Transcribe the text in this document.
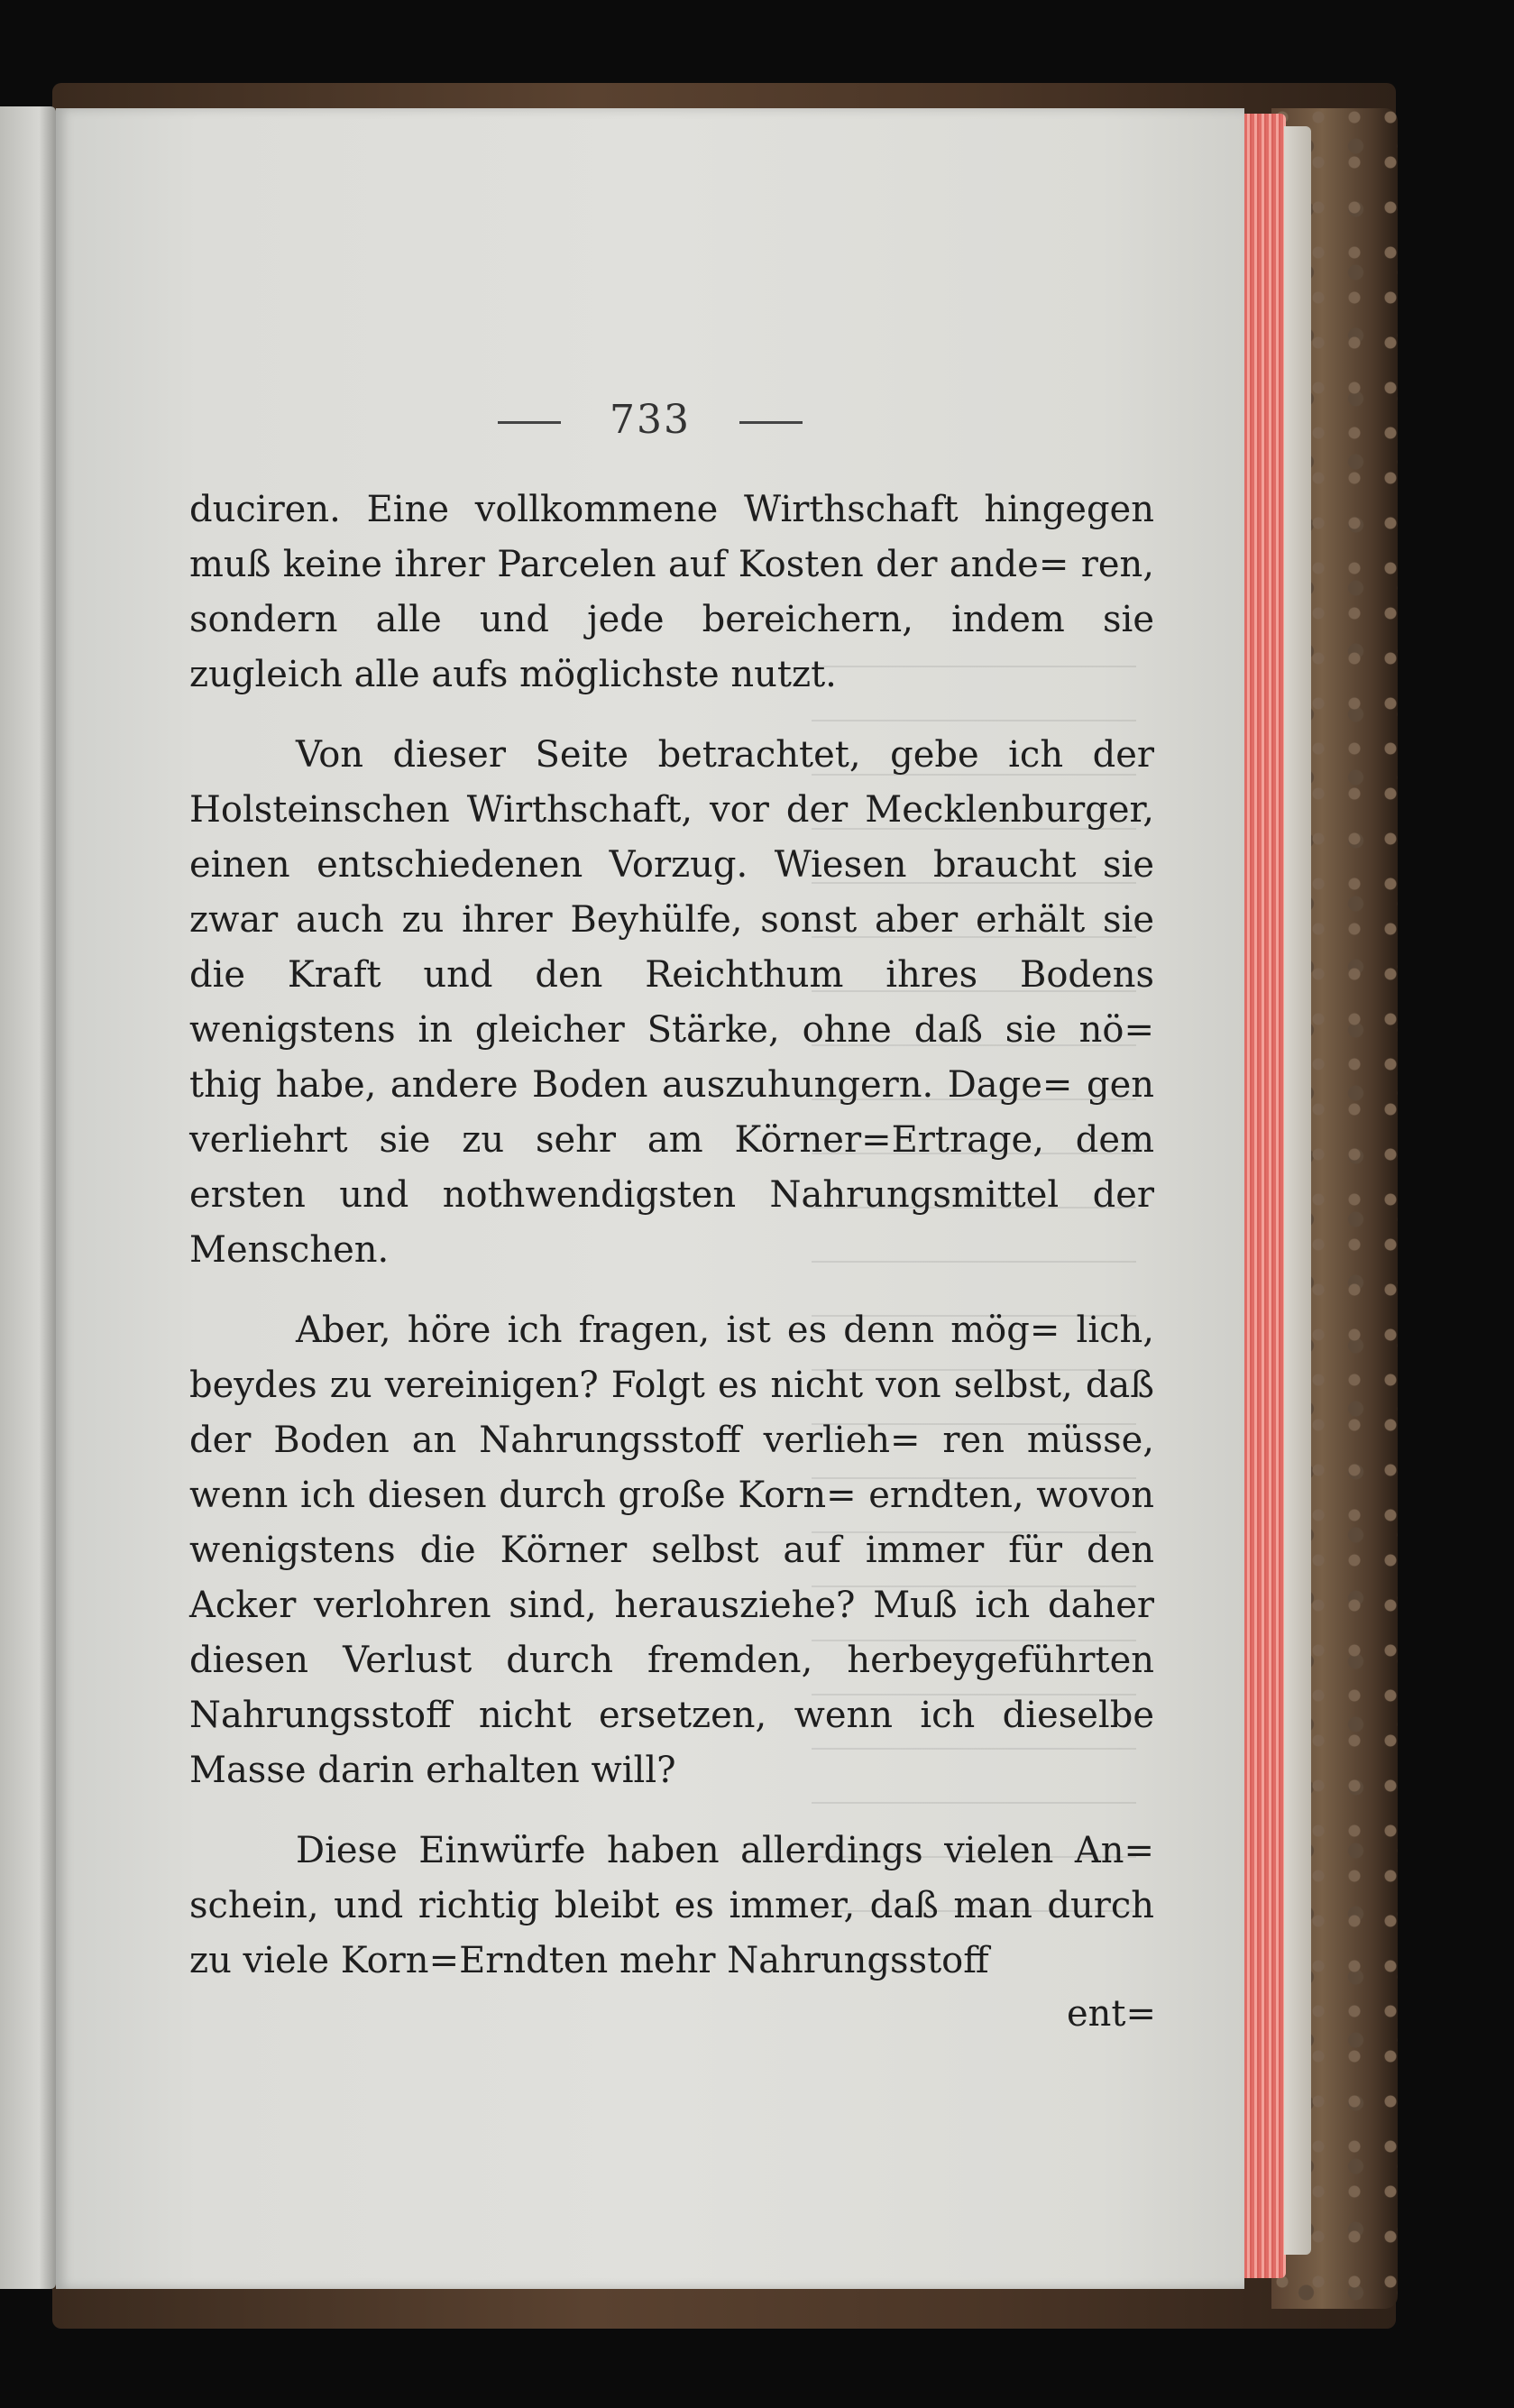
733

duciren. Eine vollkommene Wirthschaft hingegen muß keine ihrer Parcelen auf Kosten der ande= ren, sondern alle und jede bereichern, indem sie zugleich alle aufs möglichste nutzt.

Von dieser Seite betrachtet, gebe ich der Holsteinschen Wirthschaft, vor der Mecklenburger, einen entschiedenen Vorzug. Wiesen braucht sie zwar auch zu ihrer Beyhülfe, sonst aber erhält sie die Kraft und den Reichthum ihres Bodens wenigstens in gleicher Stärke, ohne daß sie nö= thig habe, andere Boden auszuhungern. Dage= gen verliehrt sie zu sehr am Körner=Ertrage, dem ersten und nothwendigsten Nahrungsmittel der Menschen.

Aber, höre ich fragen, ist es denn mög= lich, beydes zu vereinigen? Folgt es nicht von selbst, daß der Boden an Nahrungsstoff verlieh= ren müsse, wenn ich diesen durch große Korn= erndten, wovon wenigstens die Körner selbst auf immer für den Acker verlohren sind, herausziehe? Muß ich daher diesen Verlust durch fremden, herbeygeführten Nahrungsstoff nicht ersetzen, wenn ich dieselbe Masse darin erhalten will?

Diese Einwürfe haben allerdings vielen An= schein, und richtig bleibt es immer, daß man durch zu viele Korn=Erndten mehr Nahrungsstoff

ent=
